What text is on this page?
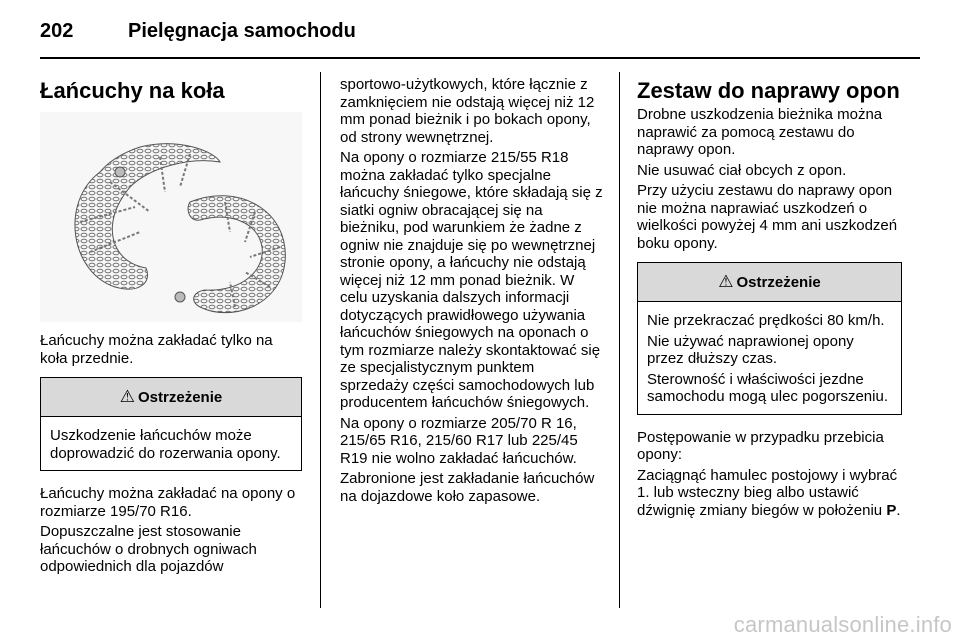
202	Pielęgnacja samochodu
Łańcuchy na koła

Łańcuchy można zakładać tylko na koła przednie.

⚠ Ostrzeżenie

Uszkodzenie łańcuchów może doprowadzić do rozerwania opony.

Łańcuchy można zakładać na opony o rozmiarze 195/70 R16.

Dopuszczalne jest stosowanie łańcuchów o drobnych ogniwach odpowiednich dla pojazdów

sportowo-użytkowych, które łącznie z zamknięciem nie odstają więcej niż 12 mm ponad bieżnik i po bokach opony, od strony wewnętrznej.

Na opony o rozmiarze 215/55 R18 można zakładać tylko specjalne łańcuchy śniegowe, które składają się z siatki ogniw obracającej się na bieżniku, pod warunkiem że żadne z ogniw nie znajduje się po wewnętrznej stronie opony, a łańcuchy nie odstają więcej niż 12 mm ponad bieżnik. W celu uzyskania dalszych informacji dotyczących prawidłowego używania łańcuchów śniegowych na oponach o tym rozmiarze należy skontaktować się ze specjalistycznym punktem sprzedaży części samochodowych lub producentem łańcuchów śniegowych.

Na opony o rozmiarze 205/70 R 16, 215/65 R16, 215/60 R17 lub 225/45 R19 nie wolno zakładać łańcuchów.

Zabronione jest zakładanie łańcuchów na dojazdowe koło zapasowe.

Zestaw do naprawy opon

Drobne uszkodzenia bieżnika można naprawić za pomocą zestawu do naprawy opon.

Nie usuwać ciał obcych z opon.

Przy użyciu zestawu do naprawy opon nie można naprawiać uszkodzeń o wielkości powyżej 4 mm ani uszkodzeń boku opony.

⚠ Ostrzeżenie

Nie przekraczać prędkości 80 km/h.

Nie używać naprawionej opony przez dłuższy czas.

Sterowność i właściwości jezdne samochodu mogą ulec pogorszeniu.

Postępowanie w przypadku przebicia opony:

Zaciągnąć hamulec postojowy i wybrać 1. lub wsteczny bieg albo ustawić dźwignię zmiany biegów w położeniu P.

carmanualsonline.info
